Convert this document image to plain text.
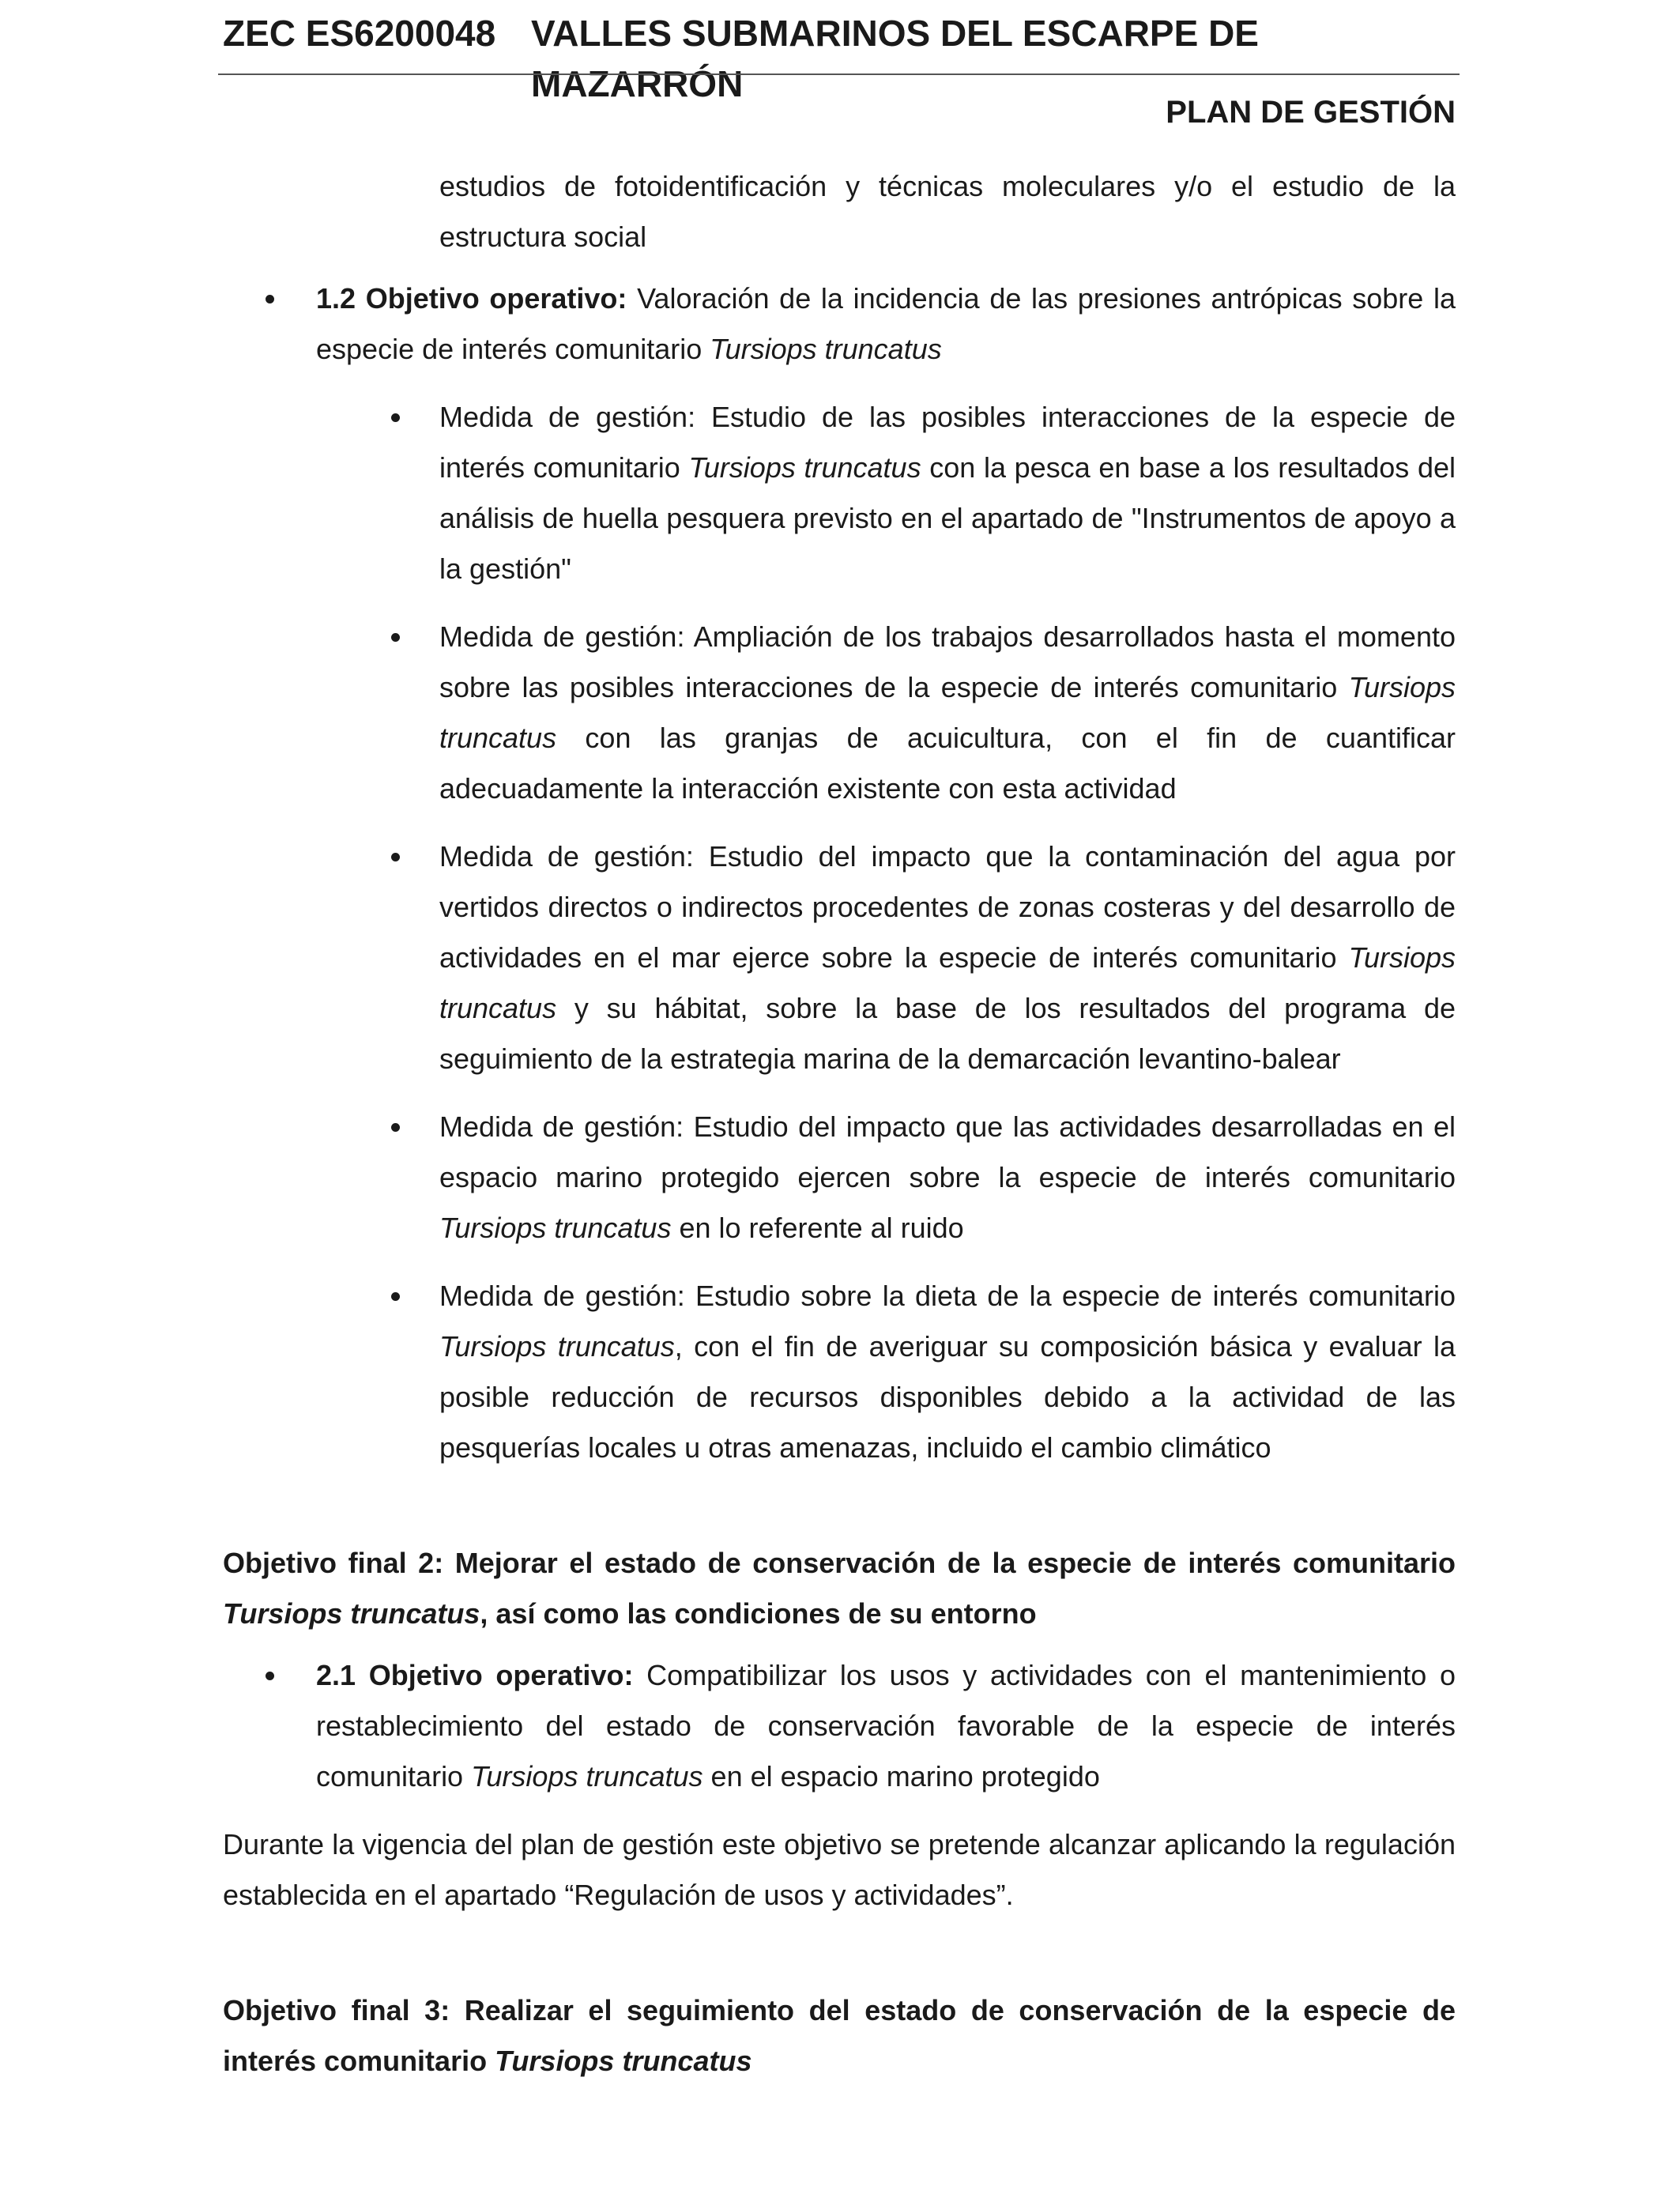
ZEC ES6200048 VALLES SUBMARINOS DEL ESCARPE DE MAZARRÓN
PLAN DE GESTIÓN
estudios de fotoidentificación y técnicas moleculares y/o el estudio de la estructura social
1.2 Objetivo operativo: Valoración de la incidencia de las presiones antrópicas sobre la especie de interés comunitario Tursiops truncatus
Medida de gestión: Estudio de las posibles interacciones de la especie de interés comunitario Tursiops truncatus con la pesca en base a los resultados del análisis de huella pesquera previsto en el apartado de "Instrumentos de apoyo a la gestión"
Medida de gestión: Ampliación de los trabajos desarrollados hasta el momento sobre las posibles interacciones de la especie de interés comunitario Tursiops truncatus con las granjas de acuicultura, con el fin de cuantificar adecuadamente la interacción existente con esta actividad
Medida de gestión: Estudio del impacto que la contaminación del agua por vertidos directos o indirectos procedentes de zonas costeras y del desarrollo de actividades en el mar ejerce sobre la especie de interés comunitario Tursiops truncatus y su hábitat, sobre la base de los resultados del programa de seguimiento de la estrategia marina de la demarcación levantino-balear
Medida de gestión: Estudio del impacto que las actividades desarrolladas en el espacio marino protegido ejercen sobre la especie de interés comunitario Tursiops truncatus en lo referente al ruido
Medida de gestión: Estudio sobre la dieta de la especie de interés comunitario Tursiops truncatus, con el fin de averiguar su composición básica y evaluar la posible reducción de recursos disponibles debido a la actividad de las pesquerías locales u otras amenazas, incluido el cambio climático
Objetivo final 2: Mejorar el estado de conservación de la especie de interés comunitario Tursiops truncatus, así como las condiciones de su entorno
2.1 Objetivo operativo: Compatibilizar los usos y actividades con el mantenimiento o restablecimiento del estado de conservación favorable de la especie de interés comunitario Tursiops truncatus en el espacio marino protegido
Durante la vigencia del plan de gestión este objetivo se pretende alcanzar aplicando la regulación establecida en el apartado “Regulación de usos y actividades”.
Objetivo final 3: Realizar el seguimiento del estado de conservación de la especie de interés comunitario Tursiops truncatus
